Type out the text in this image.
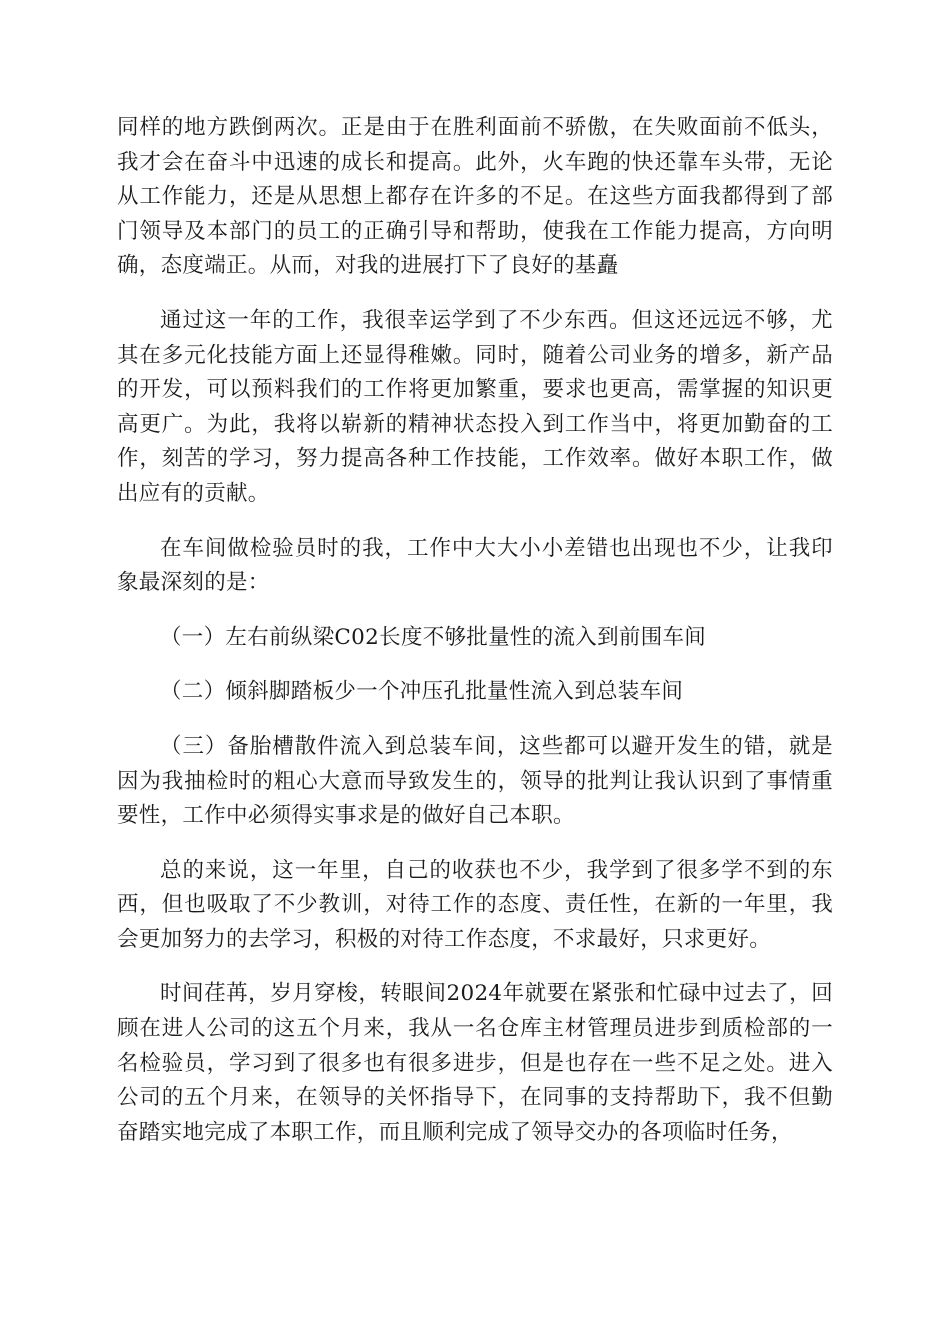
同样的地方跌倒两次。正是由于在胜利面前不骄傲，在失败面前不低头，我才会在奋斗中迅速的成长和提高。此外，火车跑的快还靠车头带，无论从工作能力，还是从思想上都存在许多的不足。在这些方面我都得到了部门领导及本部门的员工的正确引导和帮助，使我在工作能力提高，方向明确，态度端正。从而，对我的进展打下了良好的基矗

通过这一年的工作，我很幸运学到了不少东西。但这还远远不够，尤其在多元化技能方面上还显得稚嫩。同时，随着公司业务的增多，新产品的开发，可以预料我们的工作将更加繁重，要求也更高，需掌握的知识更高更广。为此，我将以崭新的精神状态投入到工作当中，将更加勤奋的工作，刻苦的学习，努力提高各种工作技能，工作效率。做好本职工作，做出应有的贡献。

在车间做检验员时的我，工作中大大小小差错也出现也不少，让我印象最深刻的是：

（一）左右前纵梁C02长度不够批量性的流入到前围车间

（二）倾斜脚踏板少一个冲压孔批量性流入到总装车间

（三）备胎槽散件流入到总装车间，这些都可以避开发生的错，就是因为我抽检时的粗心大意而导致发生的，领导的批判让我认识到了事情重要性，工作中必须得实事求是的做好自己本职。

总的来说，这一年里，自己的收获也不少，我学到了很多学不到的东西，但也吸取了不少教训，对待工作的态度、责任性，在新的一年里，我会更加努力的去学习，积极的对待工作态度，不求最好，只求更好。

时间荏苒，岁月穿梭，转眼间2024年就要在紧张和忙碌中过去了，回顾在进人公司的这五个月来，我从一名仓库主材管理员进步到质检部的一名检验员，学习到了很多也有很多进步，但是也存在一些不足之处。进入公司的五个月来，在领导的关怀指导下，在同事的支持帮助下，我不但勤奋踏实地完成了本职工作，而且顺利完成了领导交办的各项临时任务，
